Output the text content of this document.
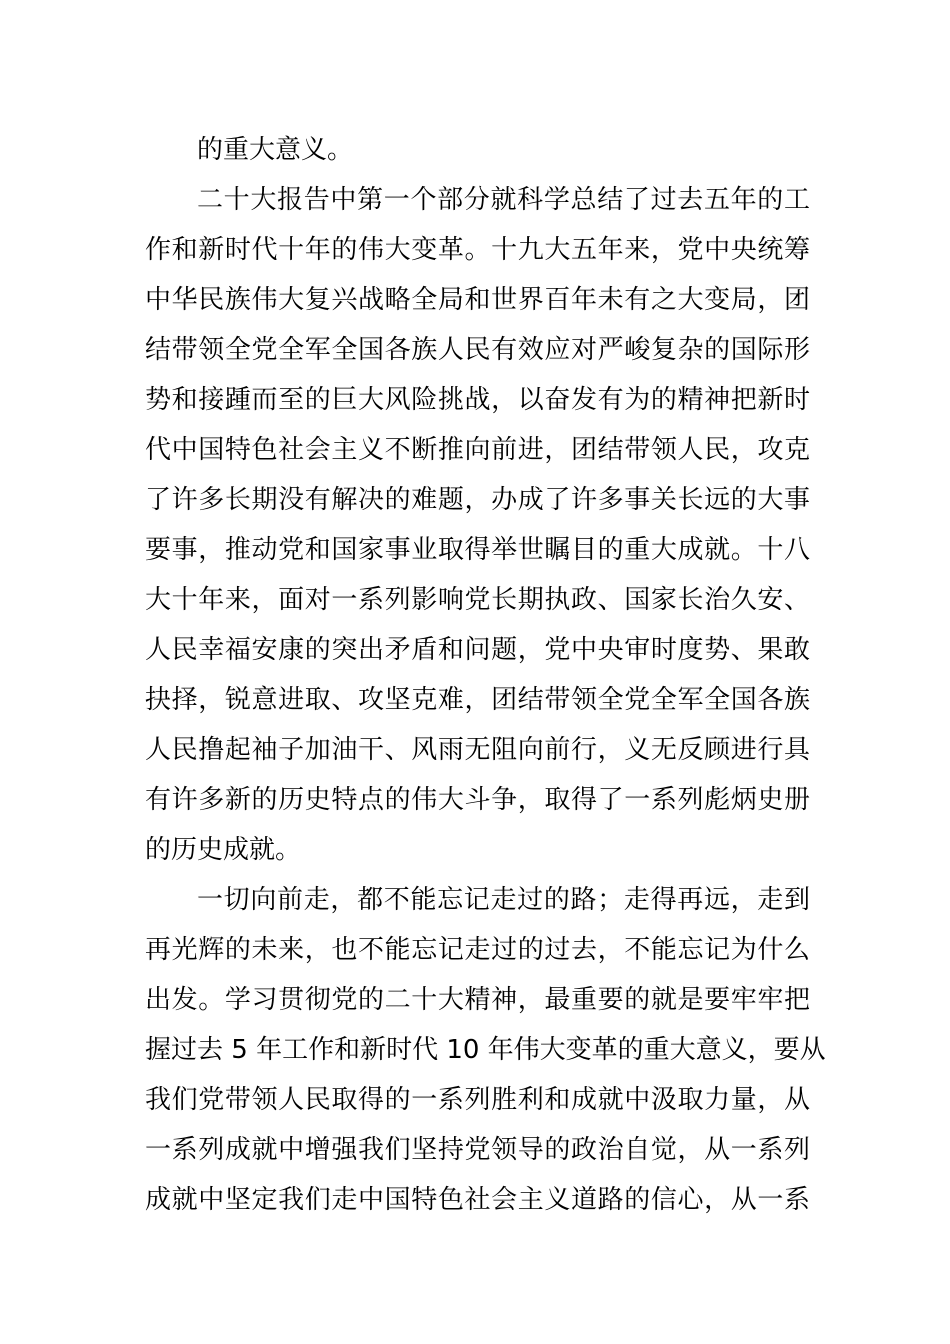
的重大意义。
二十大报告中第一个部分就科学总结了过去五年的工
作和新时代十年的伟大变革。十九大五年来，党中央统筹
中华民族伟大复兴战略全局和世界百年未有之大变局，团
结带领全党全军全国各族人民有效应对严峻复杂的国际形
势和接踵而至的巨大风险挑战，以奋发有为的精神把新时
代中国特色社会主义不断推向前进，团结带领人民，攻克
了许多长期没有解决的难题，办成了许多事关长远的大事
要事，推动党和国家事业取得举世瞩目的重大成就。十八
大十年来，面对一系列影响党长期执政、国家长治久安、
人民幸福安康的突出矛盾和问题，党中央审时度势、果敢
抉择，锐意进取、攻坚克难，团结带领全党全军全国各族
人民撸起袖子加油干、风雨无阻向前行，义无反顾进行具
有许多新的历史特点的伟大斗争，取得了一系列彪炳史册
的历史成就。
一切向前走，都不能忘记走过的路；走得再远，走到
再光辉的未来，也不能忘记走过的过去，不能忘记为什么
出发。学习贯彻党的二十大精神，最重要的就是要牢牢把
握过去 5 年工作和新时代 10 年伟大变革的重大意义，要从
我们党带领人民取得的一系列胜利和成就中汲取力量，从
一系列成就中增强我们坚持党领导的政治自觉，从一系列
成就中坚定我们走中国特色社会主义道路的信心，从一系
